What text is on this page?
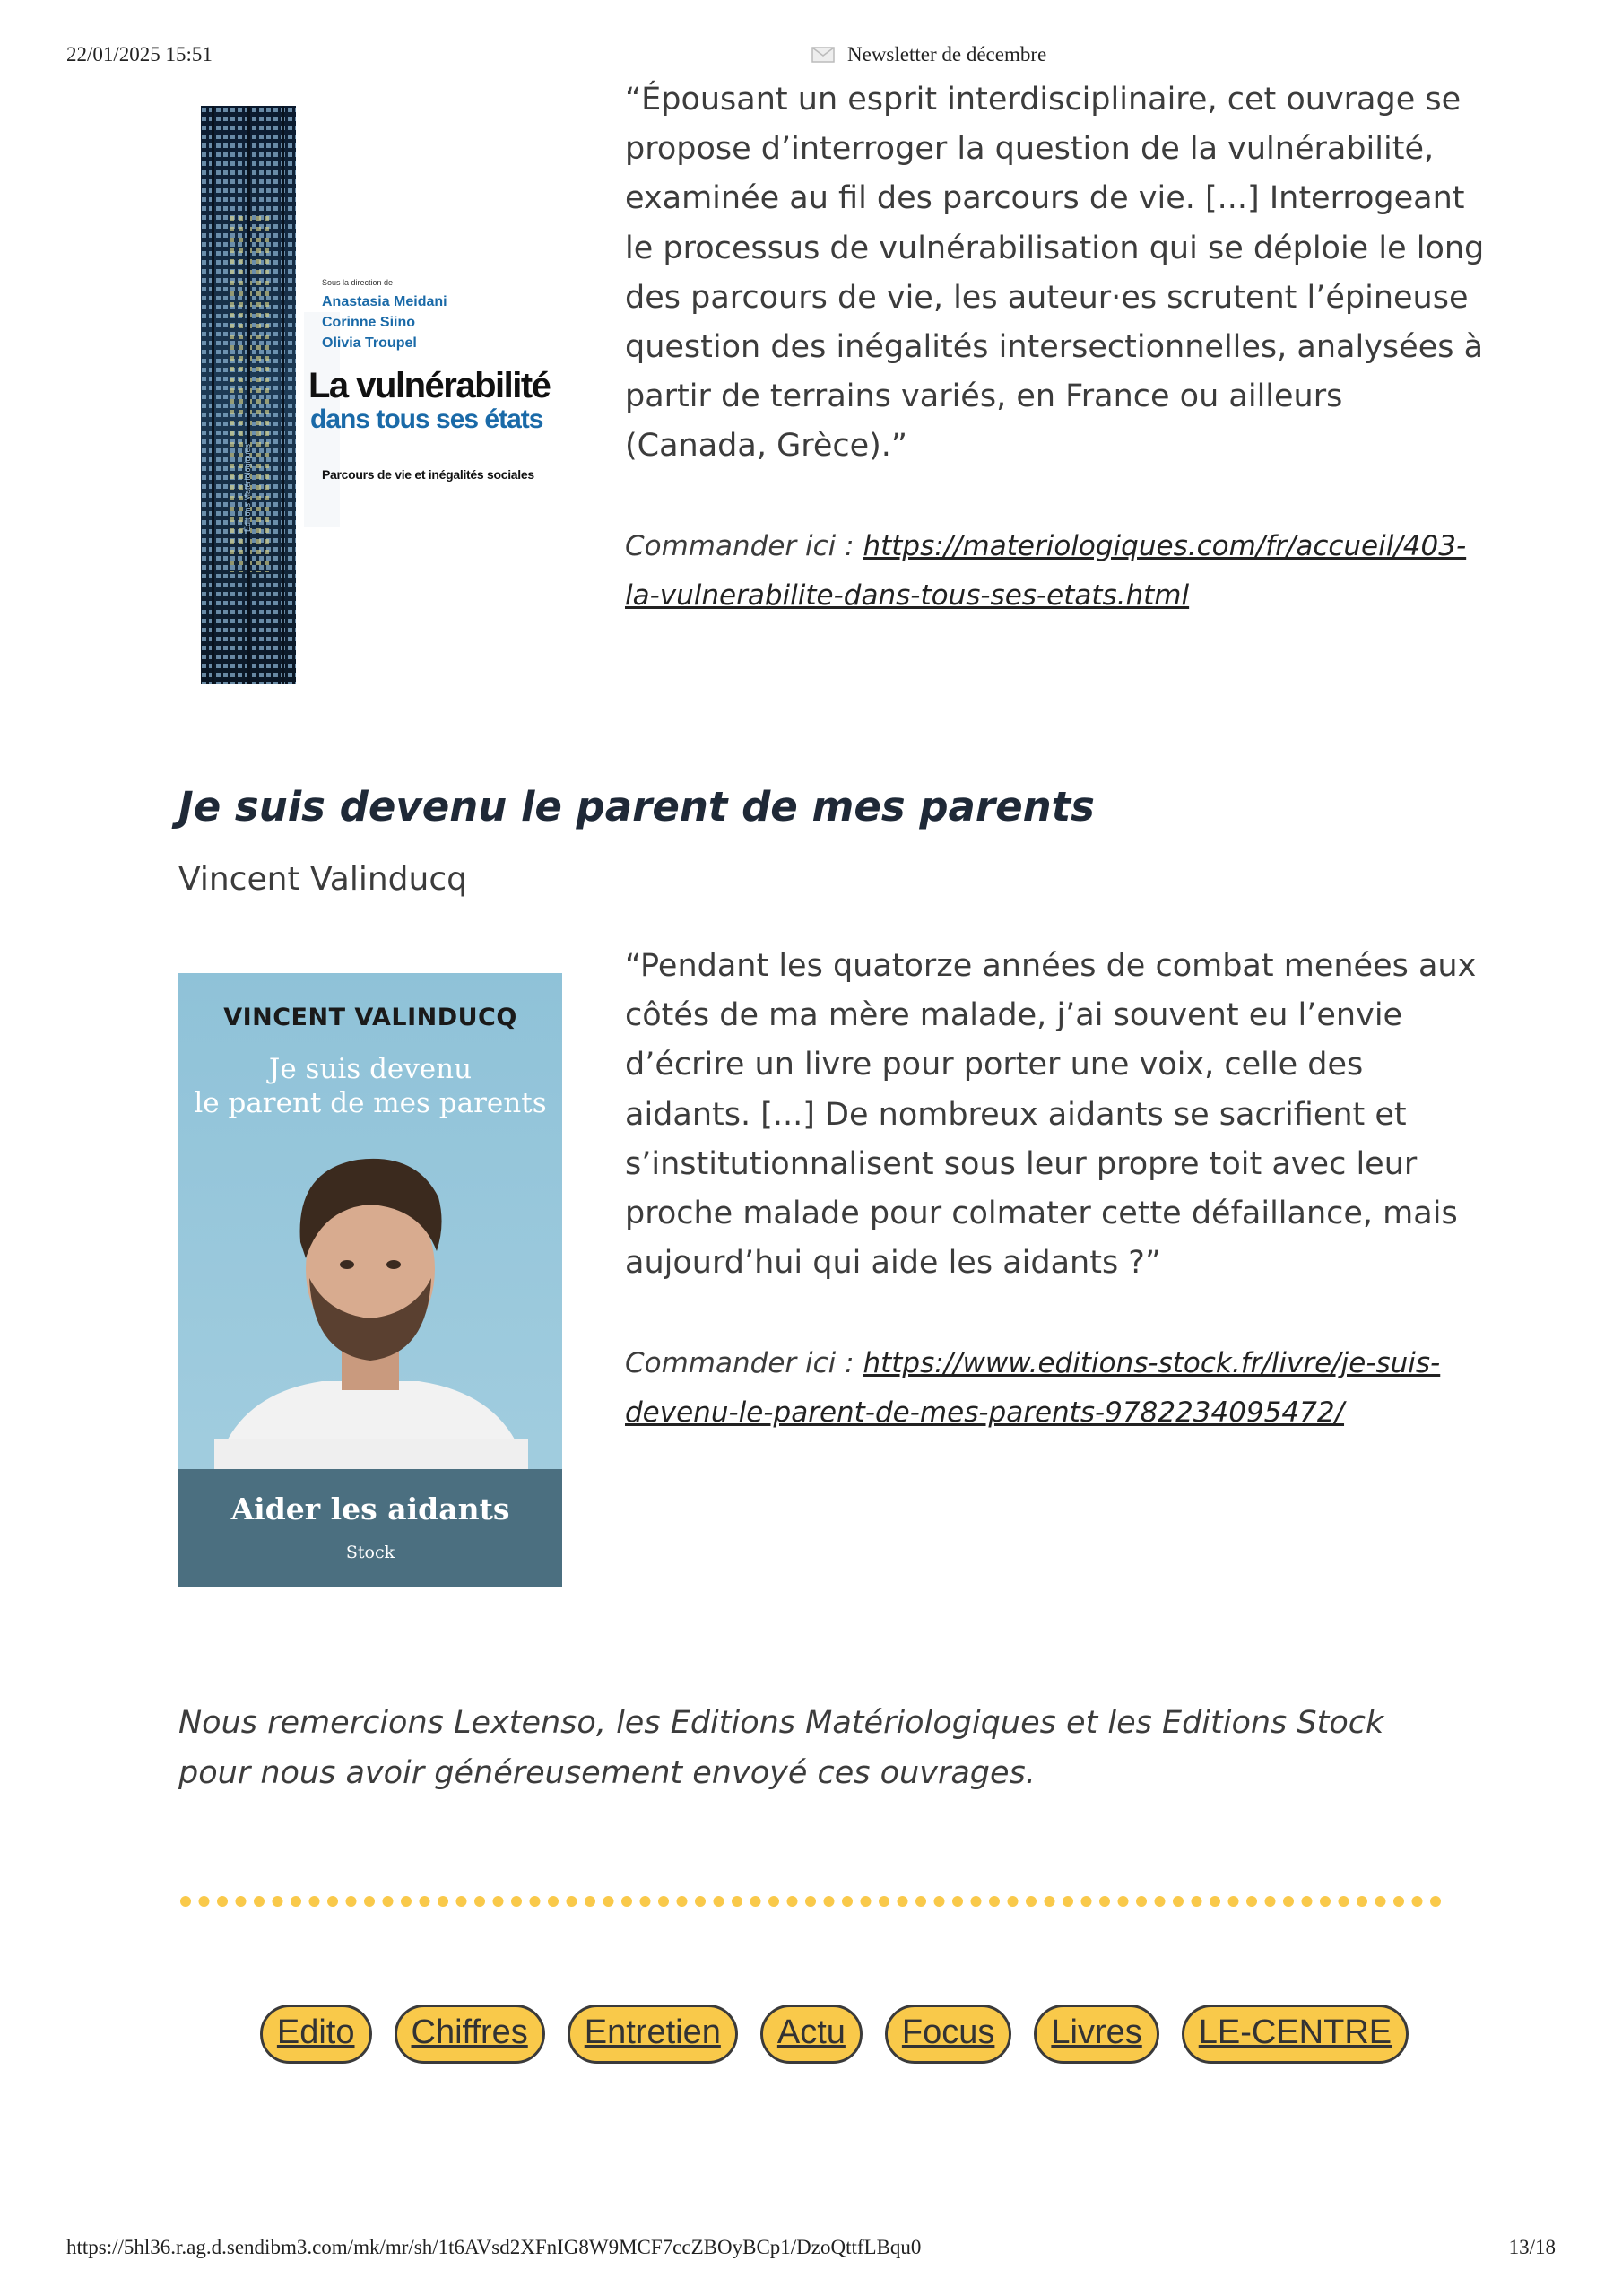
22/01/2025 15:51	Newsletter de décembre
Éditions Matériologiques
Sous la direction de
Anastasia Meidani
Corinne Siino
Olivia Troupel
La vulnérabilité
dans tous ses états
Parcours de vie et inégalités sociales
“Épousant un esprit interdisciplinaire, cet ouvrage se propose d’interroger la question de la vulnérabilité, examinée au fil des parcours de vie. [...] Interrogeant le processus de vulnérabilisation qui se déploie le long des parcours de vie, les auteur·es scrutent l’épineuse question des inégalités intersectionnelles, analysées à partir de terrains variés, en France ou ailleurs (Canada, Grèce).”
Commander ici : https://materiologiques.com/fr/accueil/403-la-vulnerabilite-dans-tous-ses-etats.html
Je suis devenu le parent de mes parents
Vincent Valinducq
VINCENT VALINDUCQ
Je suis devenu
le parent de mes parents
Aider les aidants
Stock
“Pendant les quatorze années de combat menées aux côtés de ma mère malade, j’ai souvent eu l’envie d’écrire un livre pour porter une voix, celle des aidants. [...] De nombreux aidants se sacrifient et s’institutionnalisent sous leur propre toit avec leur proche malade pour colmater cette défaillance, mais aujourd’hui qui aide les aidants ?”
Commander ici : https://www.editions-stock.fr/livre/je-suis-devenu-le-parent-de-mes-parents-9782234095472/
Nous remercions Lextenso, les Editions Matériologiques et les Editions Stock pour nous avoir généreusement envoyé ces ouvrages.
Edito	Chiffres	Entretien	Actu	Focus	Livres	LE-CENTRE
https://5hl36.r.ag.d.sendibm3.com/mk/mr/sh/1t6AVsd2XFnIG8W9MCF7ccZBOyBCp1/DzoQttfLBqu0	13/18
